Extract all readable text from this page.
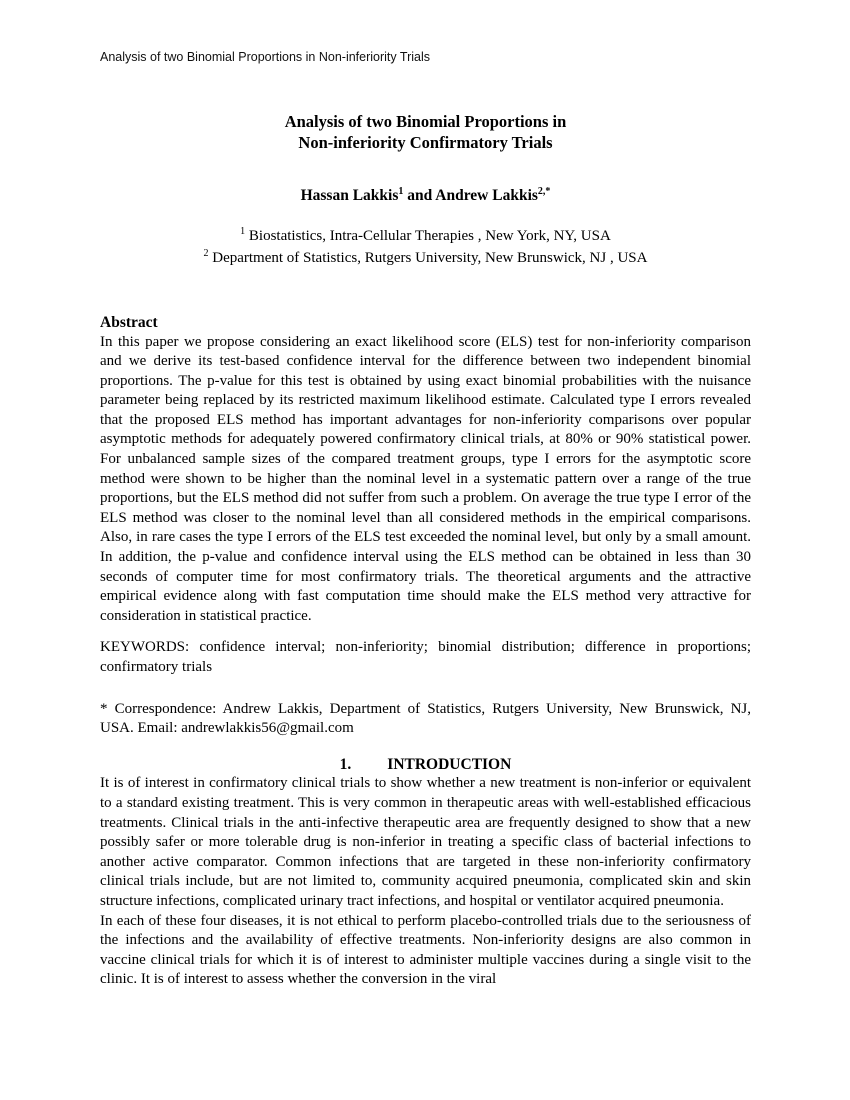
Analysis of two Binomial Proportions in Non-inferiority Trials
Analysis of two Binomial Proportions in
Non-inferiority Confirmatory Trials
Hassan Lakkis$^1$ and Andrew Lakkis$^{2,*}$
$^1$ Biostatistics, Intra-Cellular Therapies , New York, NY, USA
$^2$ Department of Statistics, Rutgers University, New Brunswick, NJ , USA
Abstract

In this paper we propose considering an exact likelihood score (ELS) test for non-inferiority comparison and we derive its test-based confidence interval for the difference between two independent binomial proportions. The p-value for this test is obtained by using exact binomial probabilities with the nuisance parameter being replaced by its restricted maximum likelihood estimate. Calculated type I errors revealed that the proposed ELS method has important advantages for non-inferiority comparisons over popular asymptotic methods for adequately powered confirmatory clinical trials, at 80% or 90% statistical power. For unbalanced sample sizes of the compared treatment groups, type I errors for the asymptotic score method were shown to be higher than the nominal level in a systematic pattern over a range of the true proportions, but the ELS method did not suffer from such a problem. On average the true type I error of the ELS method was closer to the nominal level than all considered methods in the empirical comparisons. Also, in rare cases the type I errors of the ELS test exceeded the nominal level, but only by a small amount. In addition, the p-value and confidence interval using the ELS method can be obtained in less than 30 seconds of computer time for most confirmatory trials. The theoretical arguments and the attractive empirical evidence along with fast computation time should make the ELS method very attractive for consideration in statistical practice.

KEYWORDS: confidence interval; non-inferiority; binomial distribution; difference in proportions; confirmatory trials

* Correspondence: Andrew Lakkis, Department of Statistics, Rutgers University, New Brunswick, NJ, USA. Email: andrewlakkis56@gmail.com

1. INTRODUCTION

It is of interest in confirmatory clinical trials to show whether a new treatment is non-inferior or equivalent to a standard existing treatment. This is very common in therapeutic areas with well-established efficacious treatments. Clinical trials in the anti-infective therapeutic area are frequently designed to show that a new possibly safer or more tolerable drug is non-inferior in treating a specific class of bacterial infections to another active comparator. Common infections that are targeted in these non-inferiority confirmatory clinical trials include, but are not limited to, community acquired pneumonia, complicated skin and skin structure infections, complicated urinary tract infections, and hospital or ventilator acquired pneumonia.

In each of these four diseases, it is not ethical to perform placebo-controlled trials due to the seriousness of the infections and the availability of effective treatments. Non-inferiority designs are also common in vaccine clinical trials for which it is of interest to administer multiple vaccines during a single visit to the clinic. It is of interest to assess whether the conversion in the viral
